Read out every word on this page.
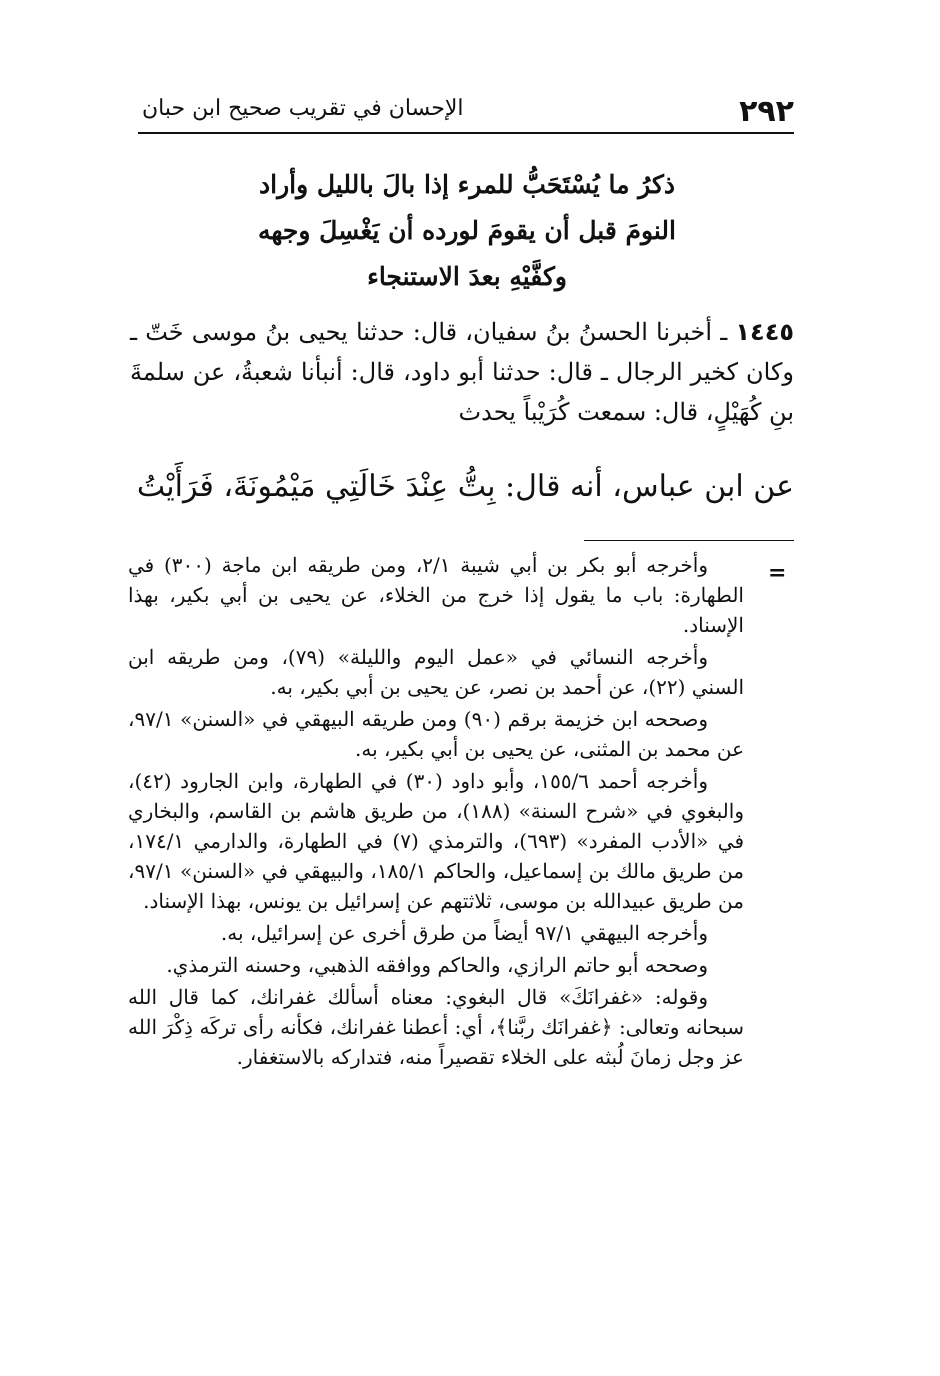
٢٩٢
الإحسان في تقريب صحيح ابن حبان
ذكرُ ما يُسْتَحَبُّ للمرء إذا بالَ بالليل وأراد
النومَ قبل أن يقومَ لورده أن يَغْسِلَ وجهه
وكفَّيْهِ بعدَ الاستنجاء
١٤٤٥ ـ أخبرنا الحسنُ بنُ سفيان، قال: حدثنا يحيى بنُ موسى خَتّ ـ وكان كخير الرجال ـ قال: حدثنا أبو داود، قال: أنبأنا شعبةُ، عن سلمةَ بنِ كُهَيْلٍ، قال: سمعت كُرَيْباً يحدث
عن ابن عباس، أنه قال: بِتُّ عِنْدَ خَالَتِي مَيْمُونَةَ، فَرَأَيْتُ
=

وأخرجه أبو بكر بن أبي شيبة ٢/١، ومن طريقه ابن ماجة (٣٠٠) في الطهارة: باب ما يقول إذا خرج من الخلاء، عن يحيى بن أبي بكير، بهذا الإسناد.

وأخرجه النسائي في «عمل اليوم والليلة» (٧٩)، ومن طريقه ابن السني (٢٢)، عن أحمد بن نصر، عن يحيى بن أبي بكير، به.

وصححه ابن خزيمة برقم (٩٠) ومن طريقه البيهقي في «السنن» ٩٧/١، عن محمد بن المثنى، عن يحيى بن أبي بكير، به.

وأخرجه أحمد ١٥٥/٦، وأبو داود (٣٠) في الطهارة، وابن الجارود (٤٢)، والبغوي في «شرح السنة» (١٨٨)، من طريق هاشم بن القاسم، والبخاري في «الأدب المفرد» (٦٩٣)، والترمذي (٧) في الطهارة، والدارمي ١٧٤/١، من طريق مالك بن إسماعيل، والحاكم ١٨٥/١، والبيهقي في «السنن» ٩٧/١، من طريق عبيدالله بن موسى، ثلاثتهم عن إسرائيل بن يونس، بهذا الإسناد.

وأخرجه البيهقي ٩٧/١ أيضاً من طرق أخرى عن إسرائيل، به.

وصححه أبو حاتم الرازي، والحاكم ووافقه الذهبي، وحسنه الترمذي.

وقوله: «غفرانَكَ» قال البغوي: معناه أسألك غفرانك، كما قال الله سبحانه وتعالى: ﴿غفرانَك ربَّنا﴾، أي: أعطنا غفرانك، فكأنه رأى تركَه ذِكْرَ الله عز وجل زمانَ لُبثه على الخلاء تقصيراً منه، فتداركه بالاستغفار.
